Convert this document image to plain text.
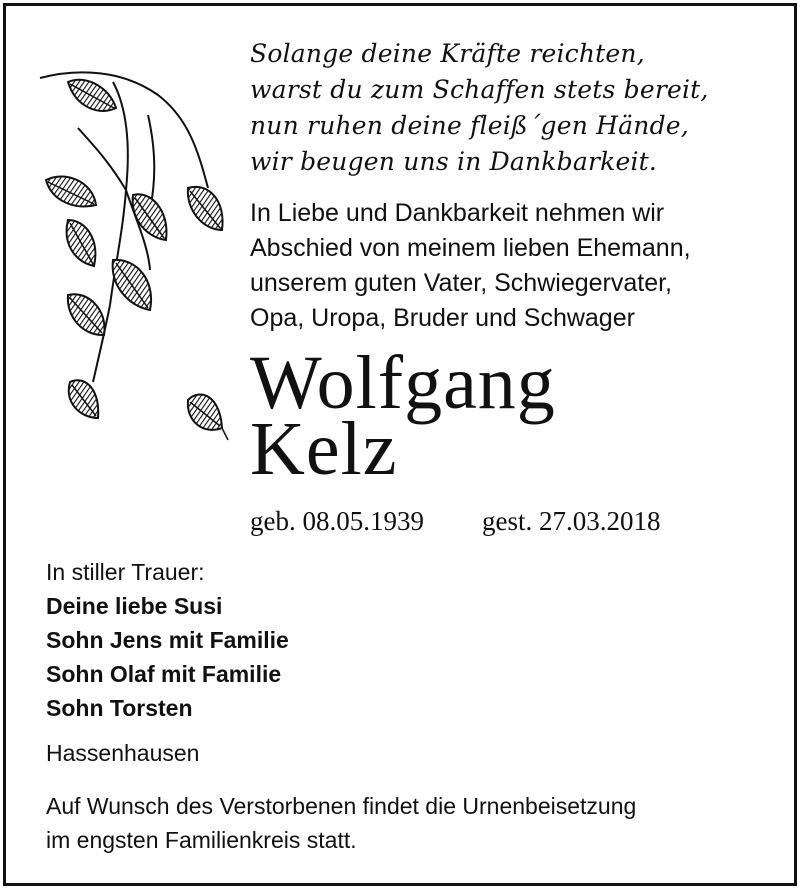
Solange deine Kräfte reichten,
warst du zum Schaffen stets bereit,
nun ruhen deine fleiß´gen Hände,
wir beugen uns in Dankbarkeit.
In Liebe und Dankbarkeit nehmen wir
Abschied von meinem lieben Ehemann,
unserem guten Vater, Schwiegervater,
Opa, Uropa, Bruder und Schwager
Wolfgang
Kelz
geb. 08.05.1939 gest. 27.03.2018
In stiller Trauer:
Deine liebe Susi
Sohn Jens mit Familie
Sohn Olaf mit Familie
Sohn Torsten
Hassenhausen
Auf Wunsch des Verstorbenen findet die Urnenbeisetzung
im engsten Familienkreis statt.
